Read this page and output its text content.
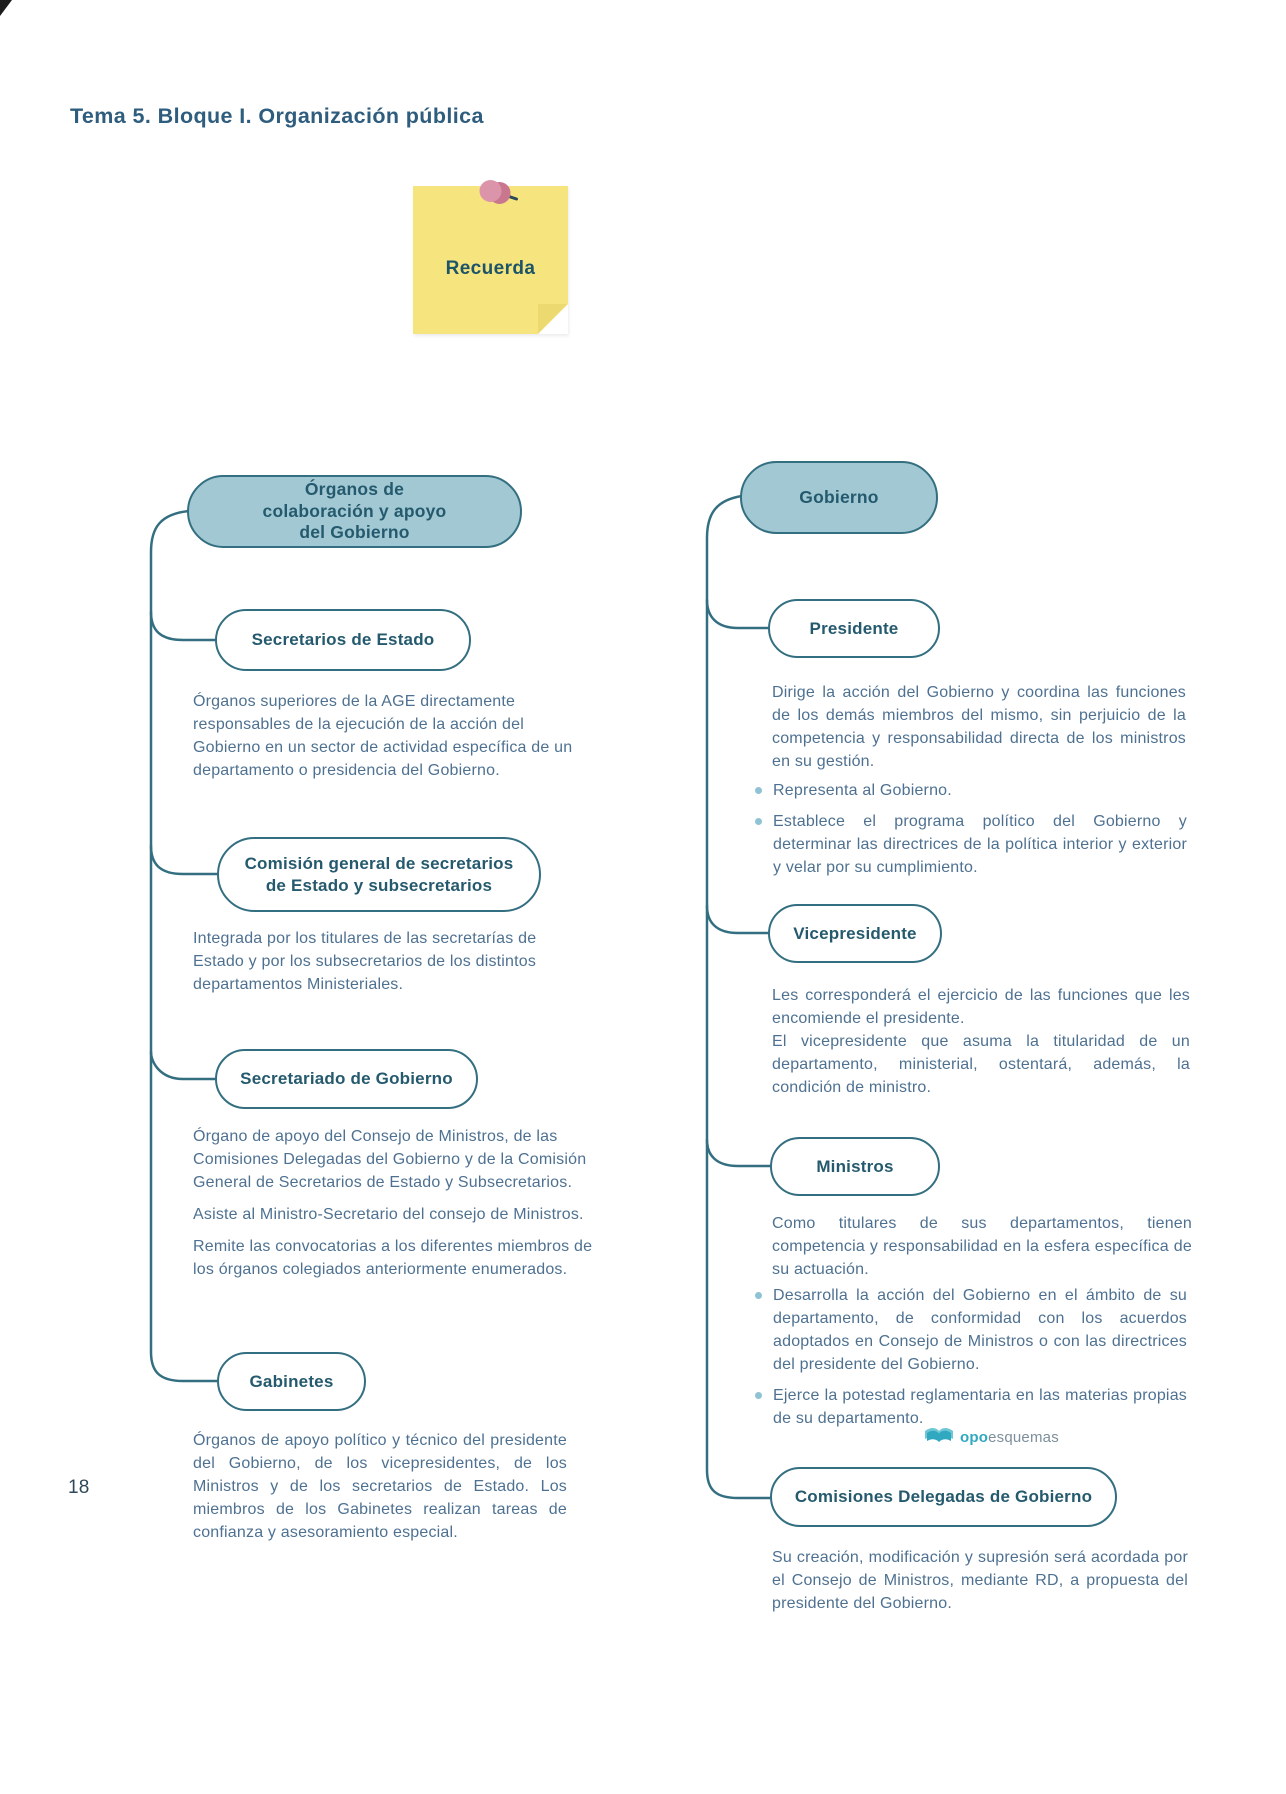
Tema 5. Bloque I. Organización pública
Recuerda
Órganos de colaboración y apoyo del Gobierno
Secretarios de Estado

Órganos superiores de la AGE directamente responsables de la ejecución de la acción del Gobierno en un sector de actividad específica de un departamento o presidencia del Gobierno.

Comisión general de secretarios de Estado y subsecretarios

Integrada por los titulares de las secretarías de Estado y por los subsecretarios de los distintos departamentos Ministeriales.

Secretariado de Gobierno

Órgano de apoyo del Consejo de Ministros, de las Comisiones Delegadas del Gobierno y de la Comisión General de Secretarios de Estado y Subsecretarios.

Asiste al Ministro-Secretario del consejo de Ministros.

Remite las convocatorias a los diferentes miembros de los órganos colegiados anteriormente enumerados.

Gabinetes

Órganos de apoyo político y técnico del presidente del Gobierno, de los vicepresidentes, de los Ministros y de los secretarios de Estado. Los miembros de los Gabinetes realizan tareas de confianza y asesoramiento especial.

Gobierno
Presidente

Dirige la acción del Gobierno y coordina las funciones de los demás miembros del mismo, sin perjuicio de la competencia y responsabilidad directa de los ministros en su gestión.

Representa al Gobierno.
Establece el programa político del Gobierno y determinar las directrices de la política interior y exterior y velar por su cumplimiento.
Vicepresidente

Les corresponderá el ejercicio de las funciones que les encomiende el presidente.

El vicepresidente que asuma la titularidad de un departamento, ministerial, ostentará, además, la condición de ministro.

Ministros

Como titulares de sus departamentos, tienen competencia y responsabilidad en la esfera específica de su actuación.

Desarrolla la acción del Gobierno en el ámbito de su departamento, de conformidad con los acuerdos adoptados en Consejo de Ministros o con las directrices del presidente del Gobierno.
Ejerce la potestad reglamentaria en las materias propias de su departamento.
Comisiones Delegadas de Gobierno

Su creación, modificación y supresión será acordada por el Consejo de Ministros, mediante RD, a propuesta del presidente del Gobierno.

opo esquemas
18
